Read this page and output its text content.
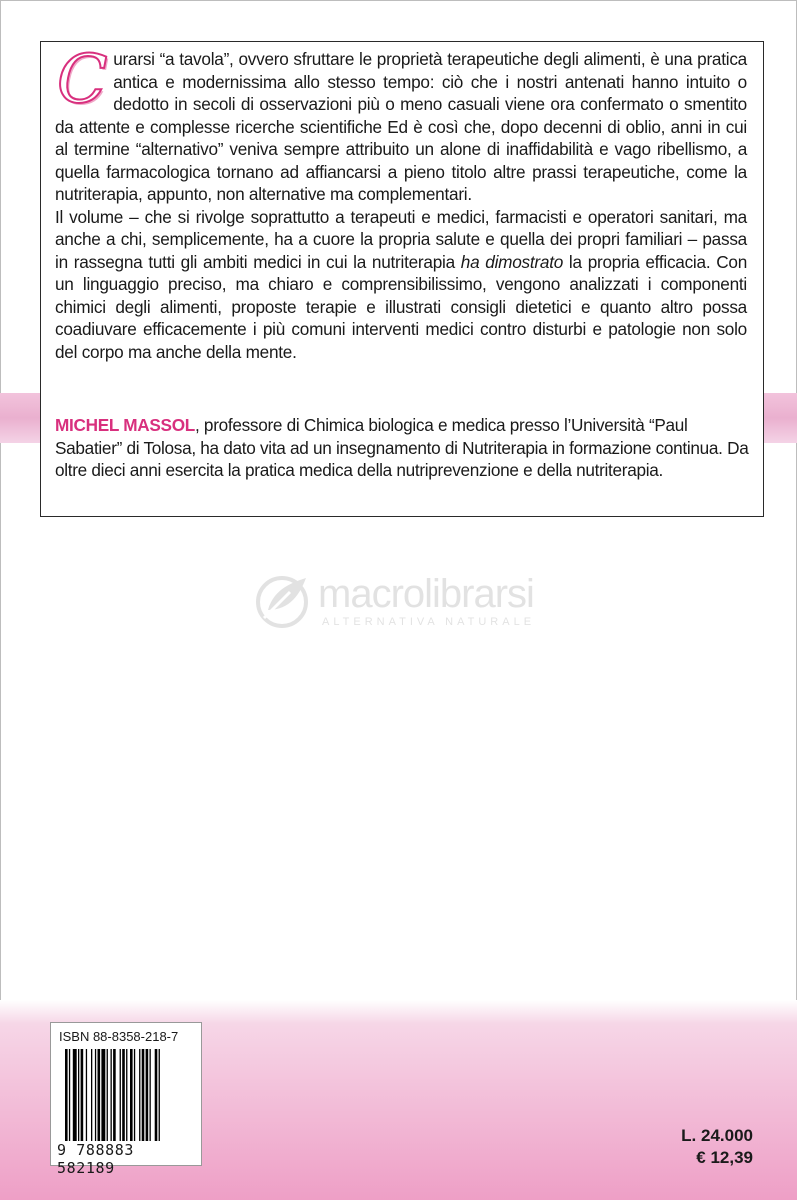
Curarsi “a tavola”, ovvero sfruttare le proprietà terapeutiche degli alimenti, è una pratica antica e modernissima allo stesso tempo: ciò che i nostri antenati hanno intuito o dedotto in secoli di osservazioni più o meno casuali viene ora confermato o smentito da attente e complesse ricerche scientifiche Ed è così che, dopo decenni di oblio, anni in cui al termine “alternativo” veniva sempre attribuito un alone di inaffidabilità e vago ribellismo, a quella farmacologica tornano ad affiancarsi a pieno titolo altre prassi terapeutiche, come la nutriterapia, appunto, non alternative ma complementari.

Il volume – che si rivolge soprattutto a terapeuti e medici, farmacisti e operatori sanitari, ma anche a chi, semplicemente, ha a cuore la propria salute e quella dei propri familiari – passa in rassegna tutti gli ambiti medici in cui la nutriterapia ha dimostrato la propria efficacia. Con un linguaggio preciso, ma chiaro e comprensibilissimo, vengono analizzati i componenti chimici degli alimenti, proposte terapie e illustrati consigli dietetici e quanto altro possa coadiuvare efficacemente i più comuni interventi medici contro disturbi e patologie non solo del corpo ma anche della mente.

MICHEL MASSOL, professore di Chimica biologica e medica presso l’Università “Paul Sabatier” di Tolosa, ha dato vita ad un insegnamento di Nutriterapia in formazione continua. Da oltre dieci anni esercita la pratica medica della nutriprevenzione e della nutriterapia.
macrolibrarsi
ALTERNATIVA NATURALE
ISBN 88-8358-218-7
9 788883 582189
L. 24.000
€ 12,39
